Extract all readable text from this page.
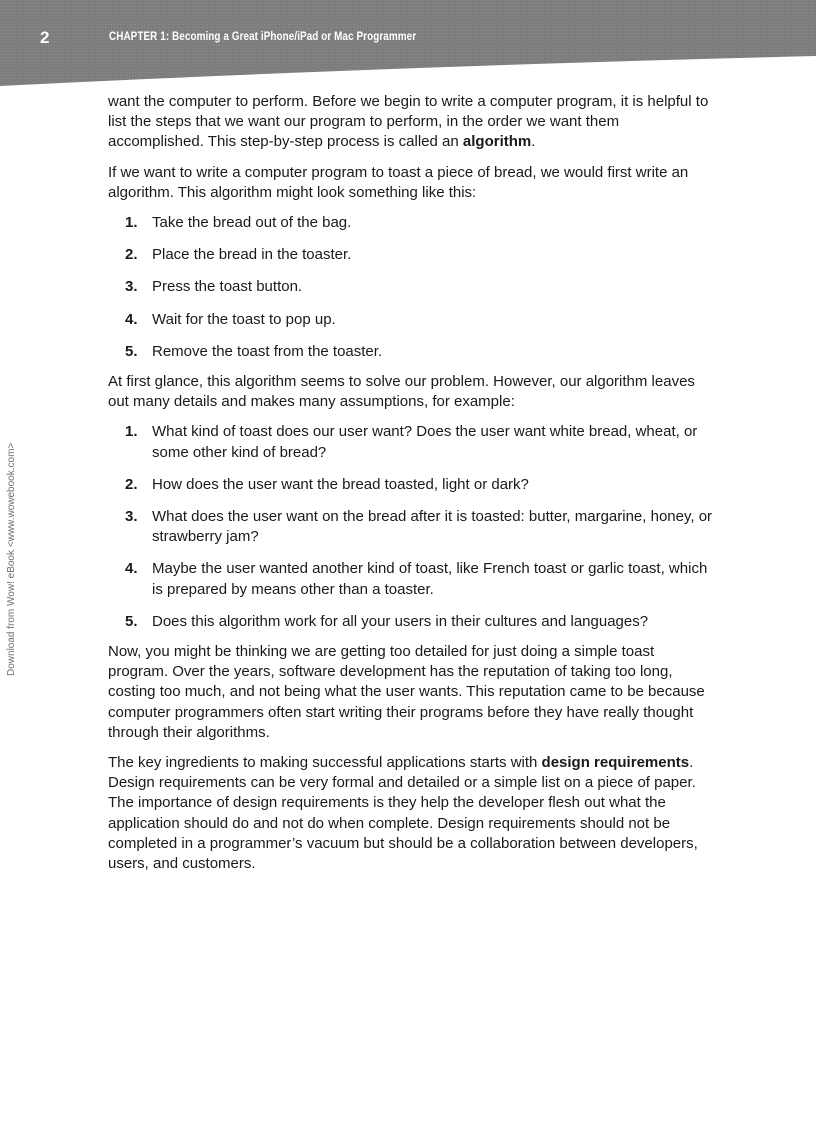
2	CHAPTER 1: Becoming a Great iPhone/iPad or Mac Programmer
Download from Wow! eBook <www.wowebook.com>

want the computer to perform. Before we begin to write a computer program, it is helpful to list the steps that we want our program to perform, in the order we want them accomplished. This step-by-step process is called an algorithm.

If we want to write a computer program to toast a piece of bread, we would first write an algorithm. This algorithm might look something like this:

1. Take the bread out of the bag.
2. Place the bread in the toaster.
3. Press the toast button.
4. Wait for the toast to pop up.
5. Remove the toast from the toaster.

At first glance, this algorithm seems to solve our problem. However, our algorithm leaves out many details and makes many assumptions, for example:

1. What kind of toast does our user want? Does the user want white bread, wheat, or some other kind of bread?
2. How does the user want the bread toasted, light or dark?
3. What does the user want on the bread after it is toasted: butter, margarine, honey, or strawberry jam?
4. Maybe the user wanted another kind of toast, like French toast or garlic toast, which is prepared by means other than a toaster.
5. Does this algorithm work for all your users in their cultures and languages?

Now, you might be thinking we are getting too detailed for just doing a simple toast program. Over the years, software development has the reputation of taking too long, costing too much, and not being what the user wants. This reputation came to be because computer programmers often start writing their programs before they have really thought through their algorithms.

The key ingredients to making successful applications starts with design requirements. Design requirements can be very formal and detailed or a simple list on a piece of paper. The importance of design requirements is they help the developer flesh out what the application should do and not do when complete. Design requirements should not be completed in a programmer’s vacuum but should be a collaboration between developers, users, and customers.
